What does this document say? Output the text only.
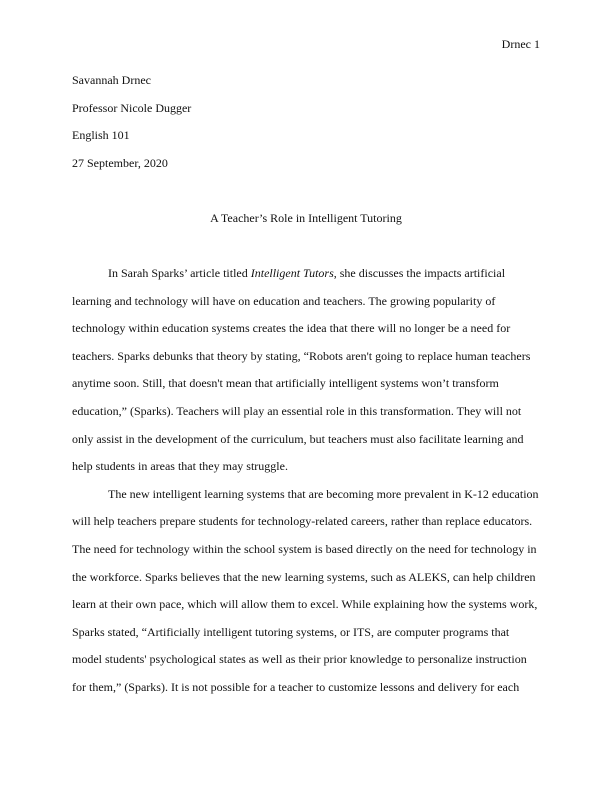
Drnec 1
Savannah Drnec
Professor Nicole Dugger
English 101
27 September, 2020
A Teacher’s Role in Intelligent Tutoring
In Sarah Sparks’ article titled Intelligent Tutors, she discusses the impacts artificial
learning and technology will have on education and teachers. The growing popularity of
technology within education systems creates the idea that there will no longer be a need for
teachers. Sparks debunks that theory by stating, “Robots aren't going to replace human teachers
anytime soon. Still, that doesn't mean that artificially intelligent systems won’t transform
education,” (Sparks). Teachers will play an essential role in this transformation. They will not
only assist in the development of the curriculum, but teachers must also facilitate learning and
help students in areas that they may struggle.
The new intelligent learning systems that are becoming more prevalent in K-12 education
will help teachers prepare students for technology-related careers, rather than replace educators.
The need for technology within the school system is based directly on the need for technology in
the workforce. Sparks believes that the new learning systems, such as ALEKS, can help children
learn at their own pace, which will allow them to excel. While explaining how the systems work,
Sparks stated, “Artificially intelligent tutoring systems, or ITS, are computer programs that
model students' psychological states as well as their prior knowledge to personalize instruction
for them,” (Sparks). It is not possible for a teacher to customize lessons and delivery for each
